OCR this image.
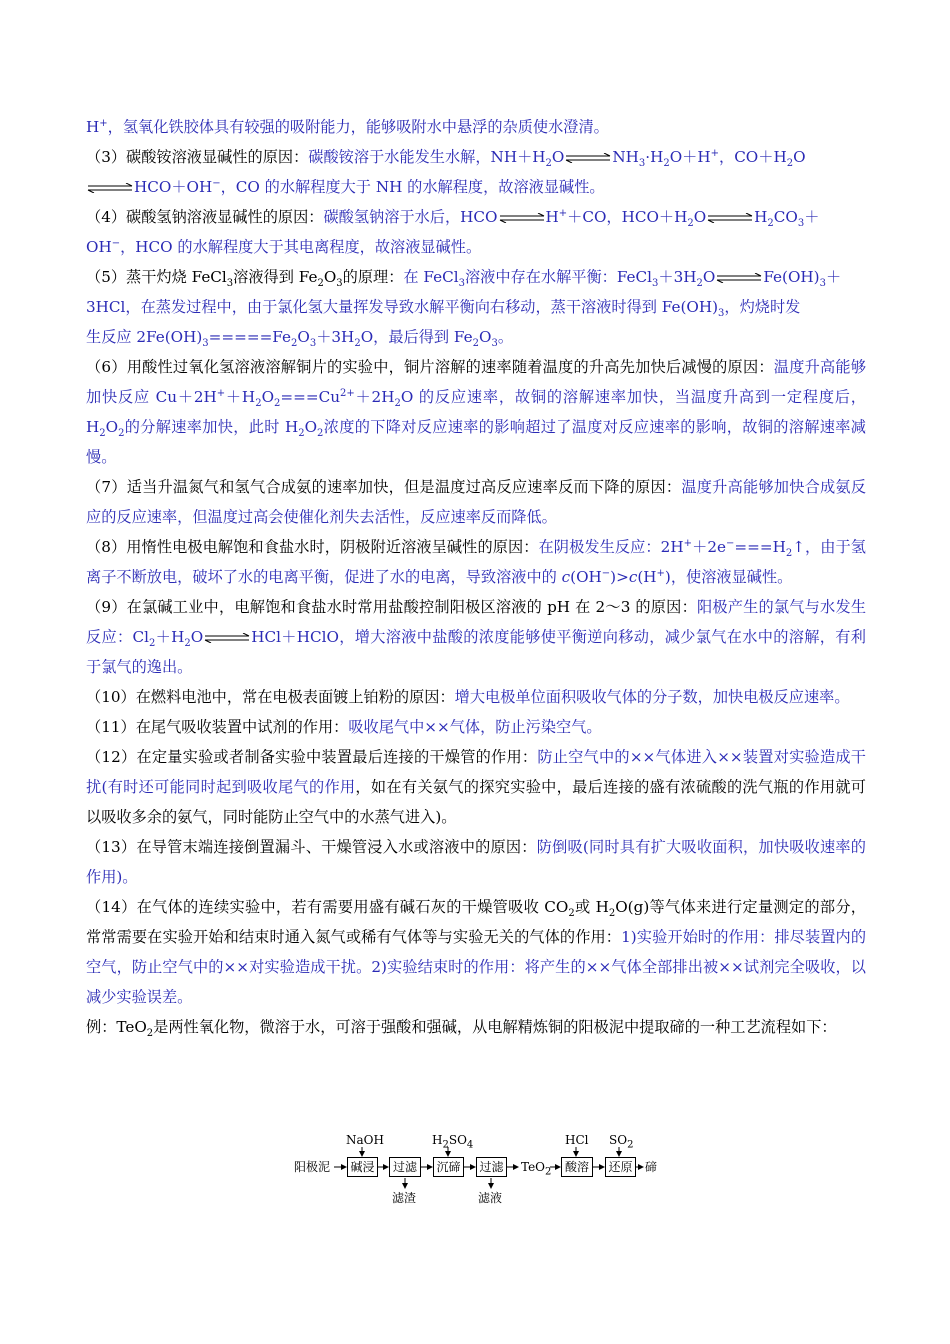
H+，氢氧化铁胶体具有较强的吸附能力，能够吸附水中悬浮的杂质使水澄清。

（3）碳酸铵溶液显碱性的原因：碳酸铵溶于水能发生水解，$NH+H_2O\rightleftharpoons NH_3\cdot H_2O+H^+$，$CO+H_2O$

⇌HCO＋OH−，CO 的水解程度大于 NH 的水解程度，故溶液显碱性。

（4）碳酸氢钠溶液显碱性的原因：碳酸氢钠溶于水后，HCO⇌H+＋CO，$HCO+H_2O\rightleftharpoons H_2CO_3+$
OH−，HCO 的水解程度大于其电离程度，故溶液显碱性。

（5）蒸干灼烧 FeCl$_3$溶液得到 $Fe_2O_3$的原理：在 FeCl$_3$溶液中存在水解平衡：$FeCl_3+3H_2O\rightleftharpoons Fe(OH)_3+$
3HCl，在蒸发过程中，由于氯化氢大量挥发导致水解平衡向右移动，蒸干溶液时得到 $Fe(OH)_3$，灼烧时发
生反应 $2Fe(OH)_3=====Fe_2O_3+3H_2O$，最后得到 $Fe_2O_3$。

（6）用酸性过氧化氢溶液溶解铜片的实验中，铜片溶解的速率随着温度的升高先加快后减慢的原因：温度升高能够加快反应 $Cu+2H^++H_2O_2===Cu^{2+}+2H_2O$ 的反应速率，故铜的溶解速率加快，当温度升高到一定程度后，$H_2O_2$的分解速率加快，此时 $H_2O_2$浓度的下降对反应速率的影响超过了温度对反应速率的影响，故铜的溶解速率减慢。

（7）适当升温氮气和氢气合成氨的速率加快，但是温度过高反应速率反而下降的原因：温度升高能够加快合成氨反应的反应速率，但温度过高会使催化剂失去活性，反应速率反而降低。

（8）用惰性电极电解饱和食盐水时，阴极附近溶液呈碱性的原因：在阴极发生反应：$2H^++2e^-===H_2↑$，由于氢离子不断放电，破坏了水的电离平衡，促进了水的电离，导致溶液中的 c(OH−)>c(H+)，使溶液显碱性。

（9）在氯碱工业中，电解饱和食盐水时常用盐酸控制阳极区溶液的 pH 在 2～3 的原因：阳极产生的氯气与水发生反应：$Cl_2+H_2O\rightleftharpoons HCl+HClO$，增大溶液中盐酸的浓度能够使平衡逆向移动，减少氯气在水中的溶解，有利于氯气的逸出。

（10）在燃料电池中，常在电极表面镀上铂粉的原因：增大电极单位面积吸收气体的分子数，加快电极反应速率。

（11）在尾气吸收装置中试剂的作用：吸收尾气中××气体，防止污染空气。

（12）在定量实验或者制备实验中装置最后连接的干燥管的作用：防止空气中的××气体进入××装置对实验造成干扰(有时还可能同时起到吸收尾气的作用，如在有关氨气的探究实验中，最后连接的盛有浓硫酸的洗气瓶的作用就可以吸收多余的氨气，同时能防止空气中的水蒸气进入)。

（13）在导管末端连接倒置漏斗、干燥管浸入水或溶液中的原因：防倒吸(同时具有扩大吸收面积，加快吸收速率的作用)。

（14）在气体的连续实验中，若有需要用盛有碱石灰的干燥管吸收 $CO_2$或 $H_2O(g)$等气体来进行定量测定的部分，常常需要在实验开始和结束时通入氮气或稀有气体等与实验无关的气体的作用：1)实验开始时的作用：排尽装置内的空气，防止空气中的××对实验造成干扰。2)实验结束时的作用：将产生的××气体全部排出被××试剂完全吸收，以减少实验误差。

例：TeO$_2$是两性氧化物，微溶于水，可溶于强酸和强碱，从电解精炼铜的阳极泥中提取碲的一种工艺流程如下：

阳极泥 碱浸
NaOH
过滤
滤渣
沉碲
$H_2SO_4$
过滤
滤液
TeO$_2$	酸溶
HCl
还原
$SO_2$
碲
